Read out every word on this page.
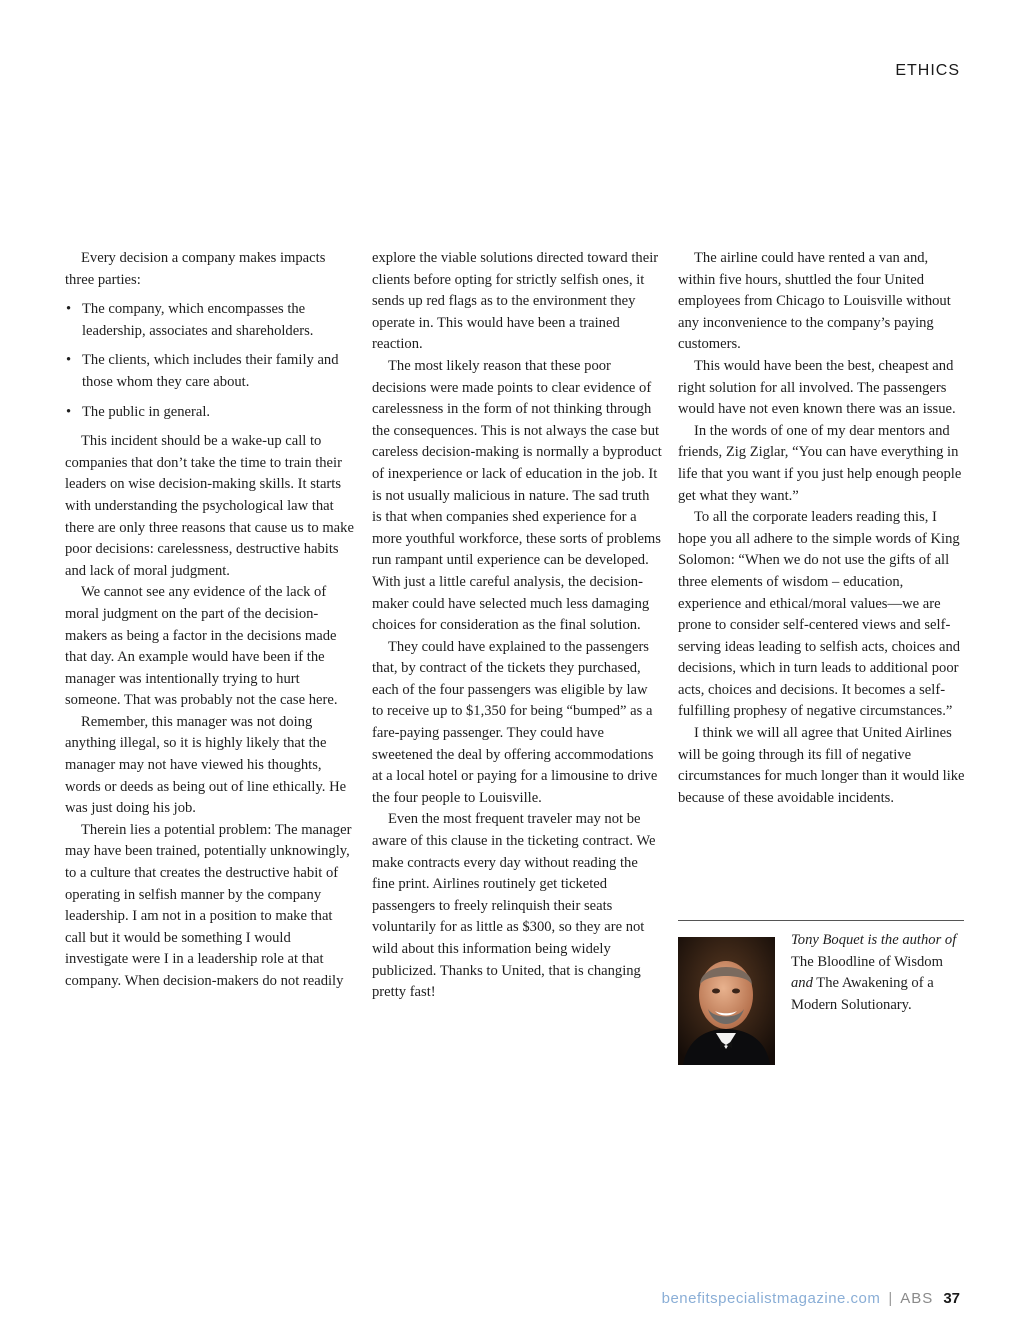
ETHICS

Every decision a company makes impacts three parties:

• The company, which encompasses the leadership, associates and shareholders.
• The clients, which includes their family and those whom they care about.
• The public in general.

This incident should be a wake-up call to companies that don’t take the time to train their leaders on wise decision-making skills. It starts with understanding the psychological law that there are only three reasons that cause us to make poor decisions: carelessness, destructive habits and lack of moral judgment.

We cannot see any evidence of the lack of moral judgment on the part of the decision-makers as being a factor in the decisions made that day. An example would have been if the manager was intentionally trying to hurt someone. That was probably not the case here.

Remember, this manager was not doing anything illegal, so it is highly likely that the manager may not have viewed his thoughts, words or deeds as being out of line ethically. He was just doing his job.

Therein lies a potential problem: The manager may have been trained, potentially unknowingly, to a culture that creates the destructive habit of operating in selfish manner by the company leadership. I am not in a position to make that call but it would be something I would investigate were I in a leadership role at that company. When decision-makers do not readily

explore the viable solutions directed toward their clients before opting for strictly selfish ones, it sends up red flags as to the environment they operate in. This would have been a trained reaction.

The most likely reason that these poor decisions were made points to clear evidence of carelessness in the form of not thinking through the consequences. This is not always the case but careless decision-making is normally a byproduct of inexperience or lack of education in the job. It is not usually malicious in nature. The sad truth is that when companies shed experience for a more youthful workforce, these sorts of problems run rampant until experience can be developed. With just a little careful analysis, the decision-maker could have selected much less damaging choices for consideration as the final solution.

They could have explained to the passengers that, by contract of the tickets they purchased, each of the four passengers was eligible by law to receive up to $1,350 for being “bumped” as a fare-paying passenger. They could have sweetened the deal by offering accommodations at a local hotel or paying for a limousine to drive the four people to Louisville.

Even the most frequent traveler may not be aware of this clause in the ticketing contract. We make contracts every day without reading the fine print. Airlines routinely get ticketed passengers to freely relinquish their seats voluntarily for as little as $300, so they are not wild about this information being widely publicized. Thanks to United, that is changing pretty fast!

The airline could have rented a van and, within five hours, shuttled the four United employees from Chicago to Louisville without any inconvenience to the company’s paying customers.

This would have been the best, cheapest and right solution for all involved. The passengers would have not even known there was an issue.

In the words of one of my dear mentors and friends, Zig Ziglar, “You can have everything in life that you want if you just help enough people get what they want.”

To all the corporate leaders reading this, I hope you all adhere to the simple words of King Solomon: “When we do not use the gifts of all three elements of wisdom – education, experience and ethical/moral values—we are prone to consider self-centered views and self-serving ideas leading to selfish acts, choices and decisions, which in turn leads to additional poor acts, choices and decisions. It becomes a self-fulfilling prophesy of negative circumstances.”

I think we will all agree that United Airlines will be going through its fill of negative circumstances for much longer than it would like because of these avoidable incidents.

Tony Boquet is the author of The Bloodline of Wisdom and The Awakening of a Modern Solutionary.
benefitspecialistmagazine.com | ABS 37
